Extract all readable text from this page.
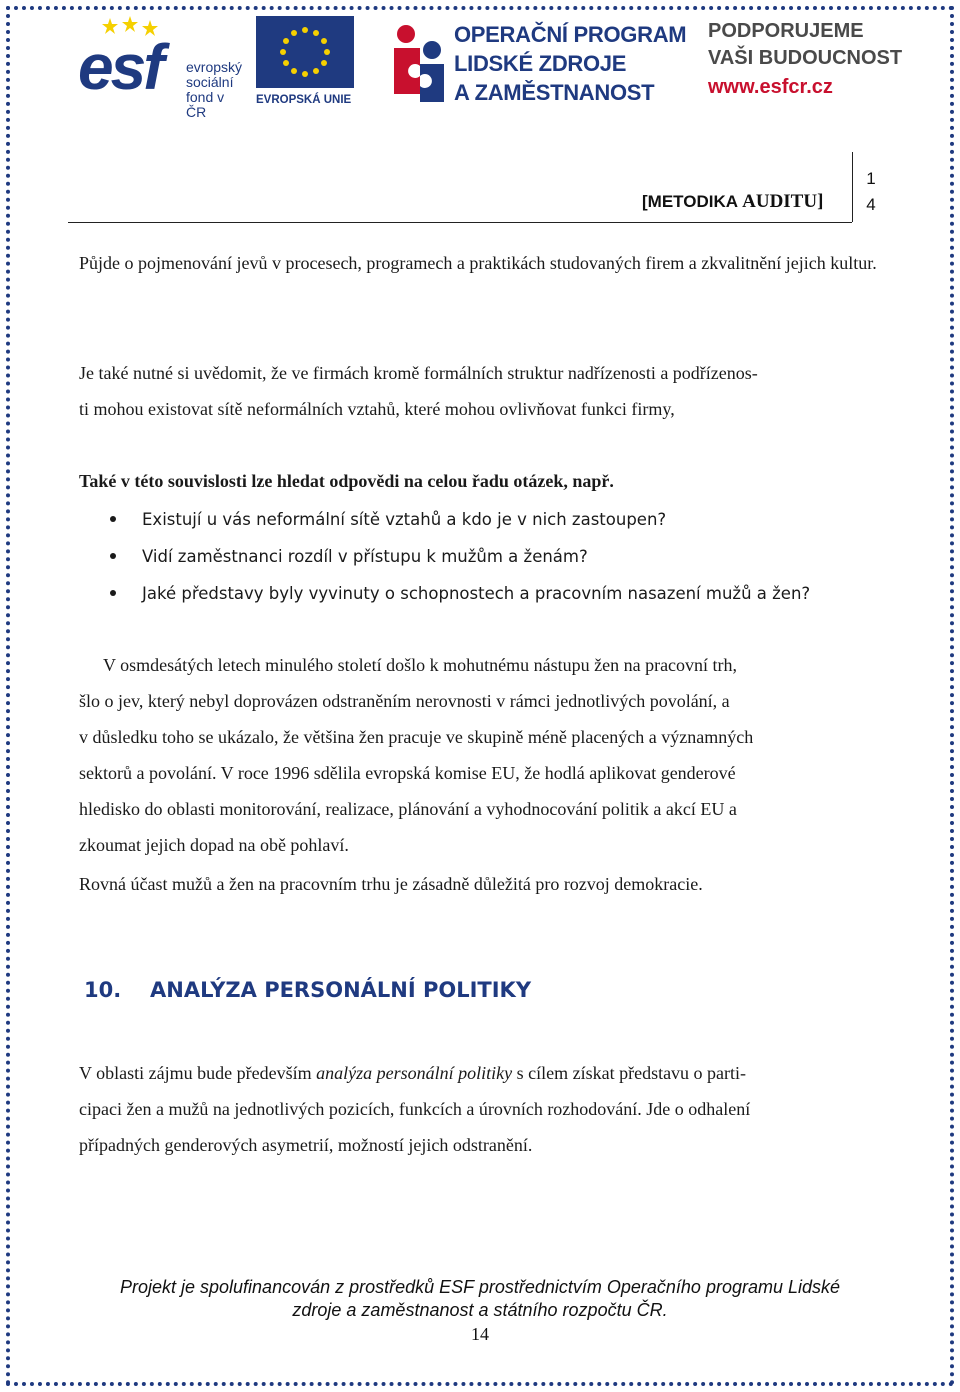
esf evropský
sociální
fond v ČR
EVROPSKÁ UNIE
OPERAČNÍ PROGRAM
LIDSKÉ ZDROJE
A ZAMĚSTNANOST
PODPORUJEME
VAŠI BUDOUCNOST
www.esfcr.cz
[METODIKA AUDITU]
1
4
Půjde o pojmenování jevů v procesech, programech a praktikách studovaných firem a zkvalitnění jejich kultur.
Je také nutné si uvědomit, že ve firmách kromě formálních struktur nadřízenosti a podřízenos-
ti mohou existovat sítě neformálních vztahů, které mohou ovlivňovat funkci firmy,
Také v této souvislosti lze hledat odpovědi na celou řadu otázek, např.
Existují u vás neformální sítě vztahů a kdo je v nich zastoupen?
Vidí zaměstnanci rozdíl v přístupu k mužům a ženám?
Jaké představy byly vyvinuty o schopnostech a pracovním nasazení mužů a žen?
V osmdesátých letech minulého století došlo k mohutnému nástupu žen na pracovní trh,
šlo o jev, který nebyl doprovázen odstraněním nerovnosti v rámci jednotlivých povolání, a
v důsledku toho se ukázalo, že většina žen pracuje ve skupině méně placených a významných
sektorů a povolání. V roce 1996 sdělila evropská komise EU, že hodlá aplikovat genderové
hledisko do oblasti monitorování, realizace, plánování a vyhodnocování politik a akcí EU a
zkoumat jejich dopad na obě pohlaví.
Rovná účast mužů a žen na pracovním trhu je zásadně důležitá pro rozvoj demokracie.
10. ANALÝZA PERSONÁLNÍ POLITIKY
V oblasti zájmu bude především analýza personální politiky s cílem získat představu o parti-
cipaci žen a mužů na jednotlivých pozicích, funkcích a úrovních rozhodování. Jde o odhalení
případných genderových asymetrií, možností jejich odstranění.
Projekt je spolufinancován z prostředků ESF prostřednictvím Operačního programu Lidské
zdroje a zaměstnanost a státního rozpočtu ČR.
14
